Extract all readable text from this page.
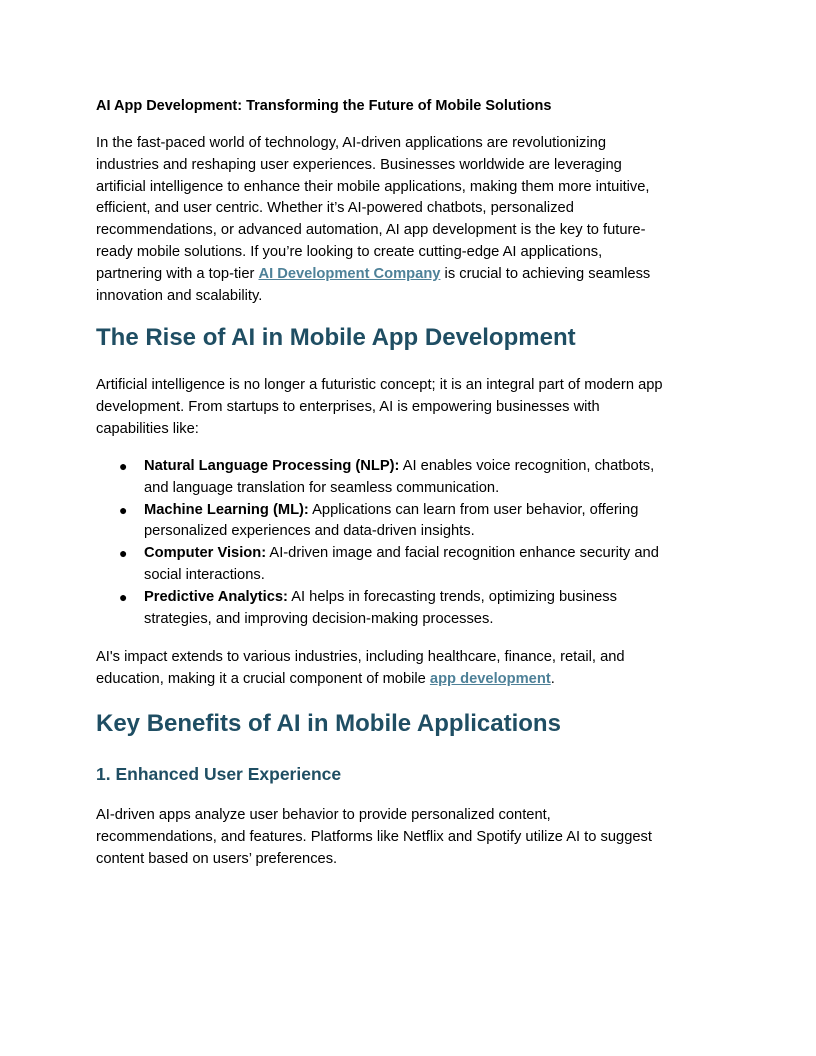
AI App Development: Transforming the Future of Mobile Solutions
In the fast-paced world of technology, AI-driven applications are revolutionizing
industries and reshaping user experiences. Businesses worldwide are leveraging
artificial intelligence to enhance their mobile applications, making them more intuitive,
efficient, and user centric. Whether it’s AI-powered chatbots, personalized
recommendations, or advanced automation, AI app development is the key to future-
ready mobile solutions. If you’re looking to create cutting-edge AI applications,
partnering with a top-tier AI Development Company is crucial to achieving seamless
innovation and scalability.
The Rise of AI in Mobile App Development
Artificial intelligence is no longer a futuristic concept; it is an integral part of modern app
development. From startups to enterprises, AI is empowering businesses with
capabilities like:
● Natural Language Processing (NLP): AI enables voice recognition, chatbots,
and language translation for seamless communication.
● Machine Learning (ML): Applications can learn from user behavior, offering
personalized experiences and data-driven insights.
● Computer Vision: AI-driven image and facial recognition enhance security and
social interactions.
● Predictive Analytics: AI helps in forecasting trends, optimizing business
strategies, and improving decision-making processes.
AI's impact extends to various industries, including healthcare, finance, retail, and
education, making it a crucial component of mobile app development.
Key Benefits of AI in Mobile Applications
1. Enhanced User Experience
AI-driven apps analyze user behavior to provide personalized content,
recommendations, and features. Platforms like Netflix and Spotify utilize AI to suggest
content based on users’ preferences.
